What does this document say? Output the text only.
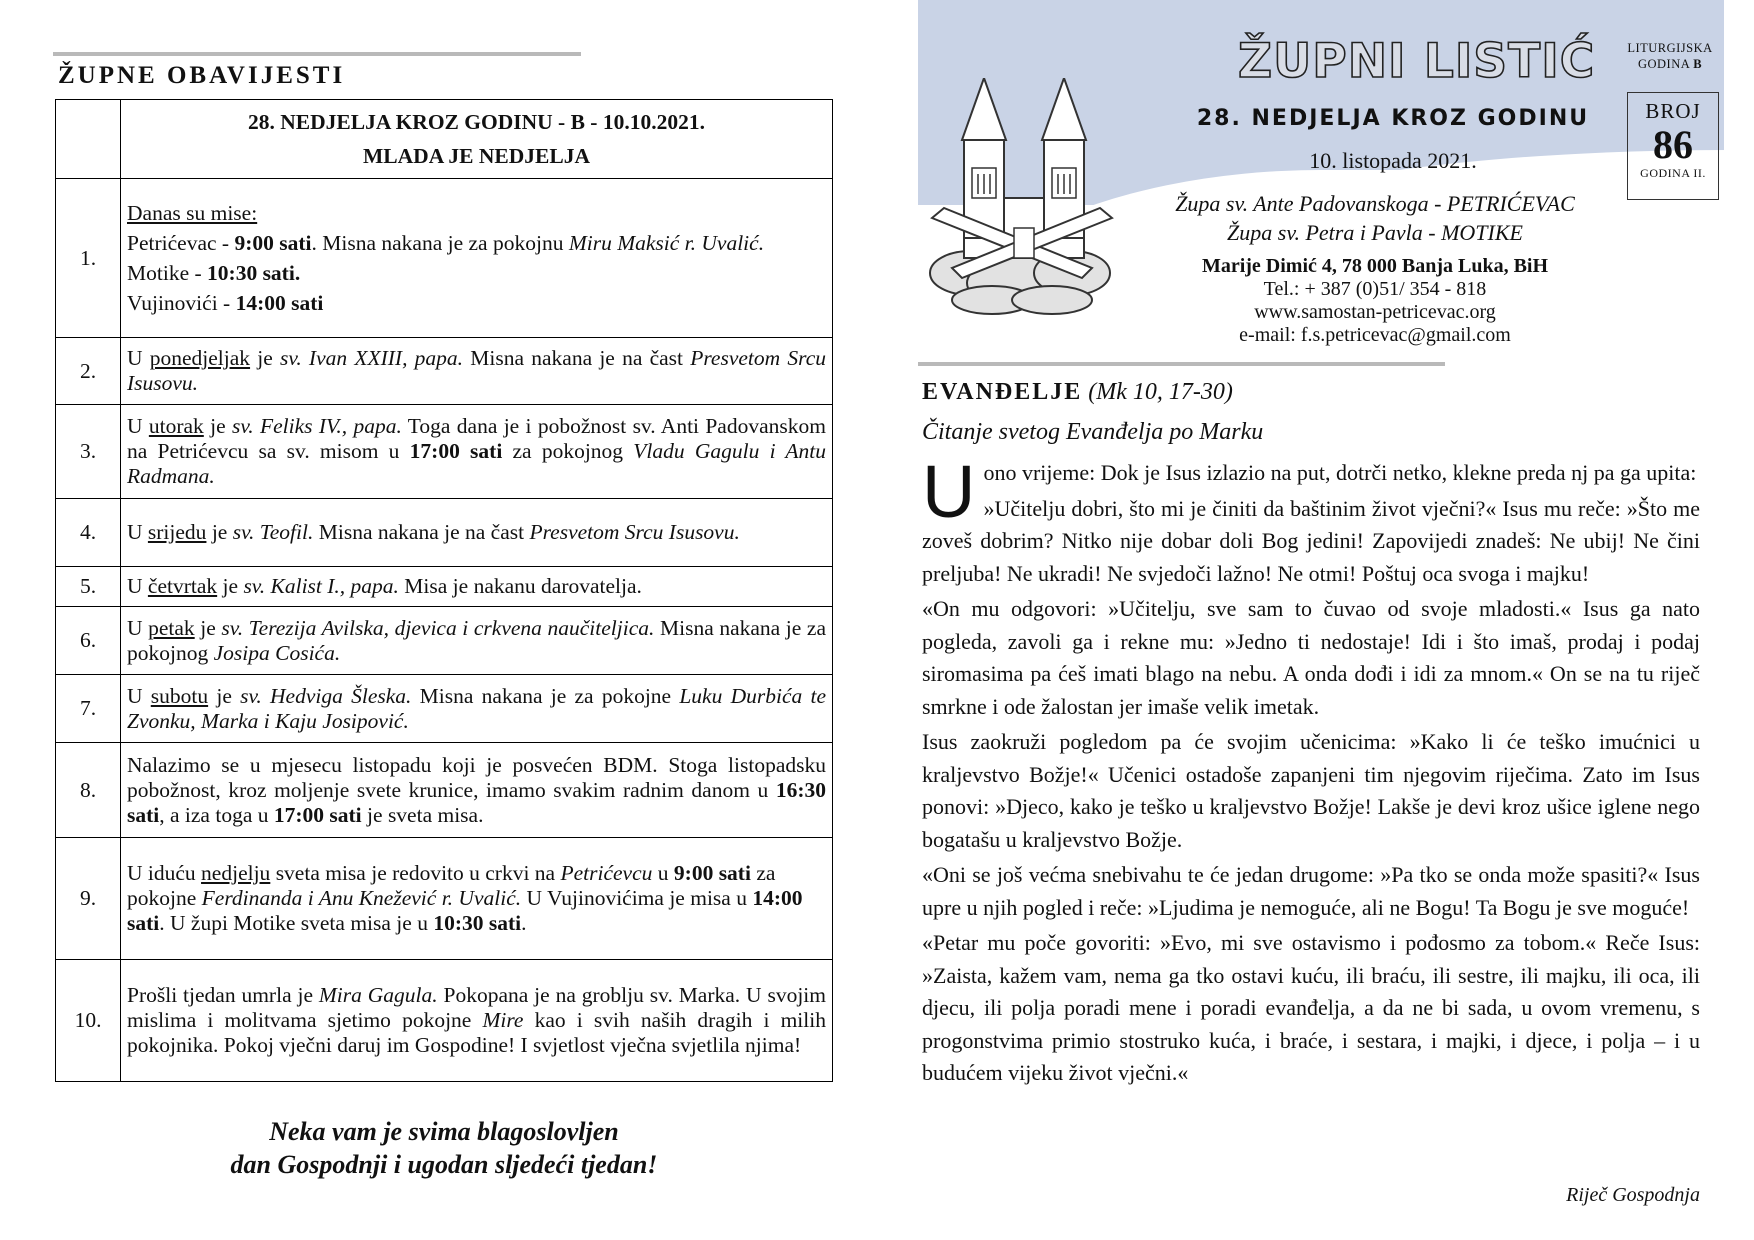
ŽUPNE OBAVIJESTI

	28. NEDJELJA KROZ GODINU - B - 10.10.2021.

MLADA JE NEDJELJA

1.	Danas su mise:

Petrićevac - 9:00 sati. Misna nakana je za pokojnu Miru Maksić r. Uvalić.

Motike - 10:30 sati.

Vujinovići - 14:00 sati

2.	U ponedjeljak je sv. Ivan XXIII, papa. Misna nakana je na čast Presvetom Srcu Isusovu.
3.	U utorak je sv. Feliks IV., papa. Toga dana je i pobožnost sv. Anti Padovanskom na Petrićevcu sa sv. misom u 17:00 sati za pokojnog Vladu Gagulu i Antu Radmana.
4.	U srijedu je sv. Teofil. Misna nakana je na čast Presvetom Srcu Isusovu.
5.	U četvrtak je sv. Kalist I., papa. Misa je nakanu darovatelja.
6.	U petak je sv. Terezija Avilska, djevica i crkvena naučiteljica. Misna nakana je za pokojnog Josipa Cosića.
7.	U subotu je sv. Hedviga Šleska. Misna nakana je za pokojne Luku Durbića te Zvonku, Marka i Kaju Josipović.
8.	Nalazimo se u mjesecu listopadu koji je posvećen BDM. Stoga listopadsku pobožnost, kroz moljenje svete krunice, imamo svakim radnim danom u 16:30 sati, a iza toga u 17:00 sati je sveta misa.
9.	U iduću nedjelju sveta misa je redovito u crkvi na Petrićevcu u 9:00 sati za pokojne Ferdinanda i Anu Knežević r. Uvalić. U Vujinovićima je misa u 14:00 sati. U župi Motike sveta misa je u 10:30 sati.
10.	Prošli tjedan umrla je Mira Gagula. Pokopana je na groblju sv. Marka. U svojim mislima i molitvama sjetimo pokojne Mire kao i svih naših dragih i milih pokojnika. Pokoj vječni daruj im Gospodine! I svjetlost vječna svjetlila njima!
Neka vam je svima blagoslovljen
dan Gospodnji i ugodan sljedeći tjedan!
ŽUPNI LISTIĆ
28. NEDJELJA KROZ GODINU
10. listopada 2021.
Župa sv. Ante Padovanskoga - PETRIĆEVAC
Župa sv. Petra i Pavla - MOTIKE
Marije Dimić 4, 78 000 Banja Luka, BiH
Tel.: + 387 (0)51/ 354 - 818
www.samostan-petricevac.org
e-mail: f.s.petricevac@gmail.com
LITURGIJSKA
GODINA B
BROJ
86
GODINA II.
EVANĐELJE (Mk 10, 17-30)
Čitanje svetog Evanđelja po Marku

Uono vrijeme: Dok je Isus izlazio na put, dotrči netko, klekne preda nj pa ga upita:

»Učitelju dobri, što mi je činiti da baštinim život vječni?« Isus mu reče: »Što me zoveš dobrim? Nitko nije dobar doli Bog jedini! Zapovijedi znadeš: Ne ubij! Ne čini preljuba! Ne ukradi! Ne svjedoči lažno! Ne otmi! Poštuj oca svoga i majku!

«On mu odgovori: »Učitelju, sve sam to čuvao od svoje mladosti.« Isus ga nato pogleda, zavoli ga i rekne mu: »Jedno ti nedostaje! Idi i što imaš, prodaj i podaj siromasima pa ćeš imati blago na nebu. A onda dođi i idi za mnom.« On se na tu riječ smrkne i ode žalostan jer imaše velik imetak.

Isus zaokruži pogledom pa će svojim učenicima: »Kako li će teško imućnici u kraljevstvo Božje!« Učenici ostadoše zapanjeni tim njegovim riječima. Zato im Isus ponovi: »Djeco, kako je teško u kraljevstvo Božje! Lakše je devi kroz ušice iglene nego bogatašu u kraljevstvo Božje.

«Oni se još većma snebivahu te će jedan drugome: »Pa tko se onda može spasiti?« Isus upre u njih pogled i reče: »Ljudima je nemoguće, ali ne Bogu! Ta Bogu je sve moguće!

«Petar mu poče govoriti: »Evo, mi sve ostavismo i pođosmo za tobom.« Reče Isus: »Zaista, kažem vam, nema ga tko ostavi kuću, ili braću, ili sestre, ili majku, ili oca, ili djecu, ili polja poradi mene i poradi evanđelja, a da ne bi sada, u ovom vremenu, s progonstvima primio stostruko kuća, i braće, i sestara, i majki, i djece, i polja – i u budućem vijeku život vječni.«

Riječ Gospodnja
